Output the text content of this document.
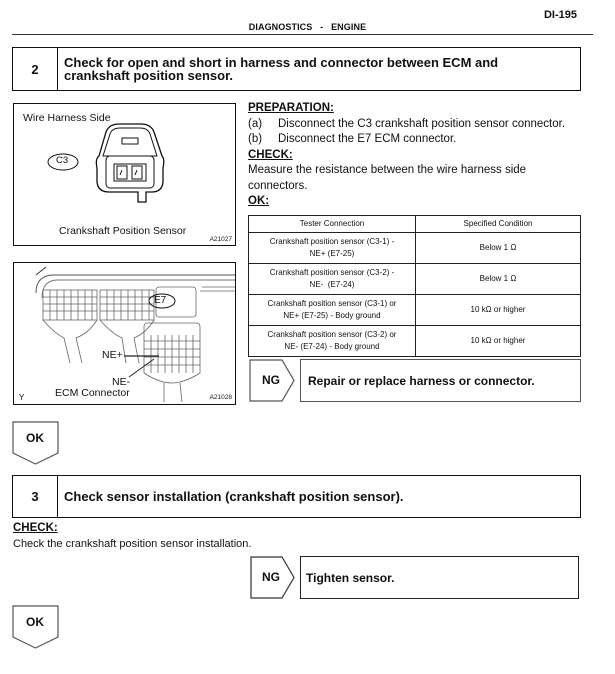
DI-195
DIAGNOSTICS   -   ENGINE
2	Check for open and short in harness and connector between ECM and crankshaft position sensor.
Wire Harness Side
C3
Crankshaft Position Sensor
A21027
E7
NE+
NE-
ECM Connector
Y	A21028
PREPARATION:
(a)	Disconnect the C3 crankshaft position sensor connector.
(b)	Disconnect the E7 ECM connector.
CHECK:
Measure the resistance between the wire harness side connectors.
OK:
Tester Connection	Specified Condition
Crankshaft position sensor (C3-1) -
NE+ (E7-25)	Below 1 Ω
Crankshaft position sensor (C3-2) -
NE-  (E7-24)	Below 1 Ω
Crankshaft position sensor (C3-1) or
NE+ (E7-25) - Body ground	10 kΩ or higher
Crankshaft position sensor (C3-2) or
NE- (E7-24) - Body ground	10 kΩ or higher
NG	Repair or replace harness or connector.
OK
3	Check sensor installation (crankshaft position sensor).
CHECK:
Check the crankshaft position sensor installation.
NG	Tighten sensor.
OK
